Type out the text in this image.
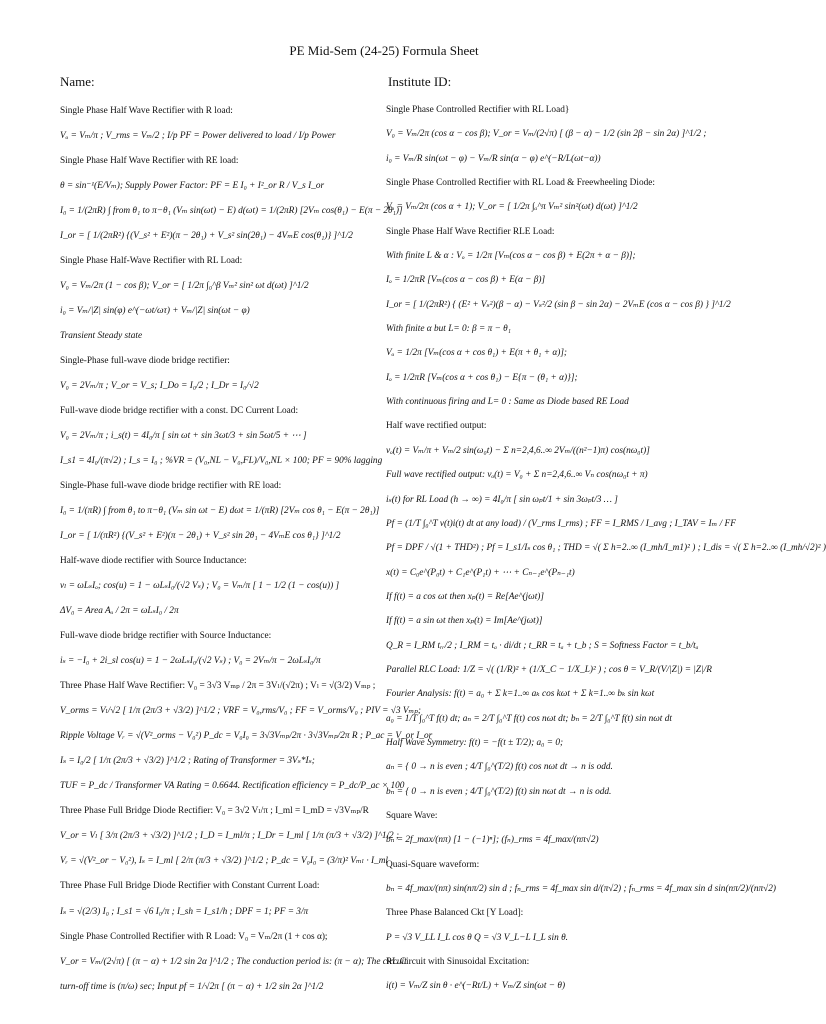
PE Mid-Sem (24-25) Formula Sheet
Name:	Institute ID:
Single Phase Half Wave Rectifier with R load:
Vₒ = Vₘ/π ; V_rms = Vₘ/2 ; I/p PF = Power delivered to load / I/p Power
Single Phase Half Wave Rectifier with RE load:
θ = sin⁻¹(E/Vₘ); Supply Power Factor: PF = E I₀ + I²_or R / V_s I_or
I₀ = 1/(2πR) ∫ from θ₁ to π−θ₁ (Vₘ sin(ωt) − E) d(ωt) = 1/(2πR) [2Vₘ cos(θ₁) − E(π − 2θ₁)]
I_or = [ 1/(2πR²) {(V_s² + E²)(π − 2θ₁) + V_s² sin(2θ₁) − 4VₘE cos(θ₁)} ]^1/2
Single Phase Half-Wave Rectifier with RL Load:
V₀ = Vₘ/2π (1 − cos β); V_or = [ 1/2π ∫₀^β Vₘ² sin² ωt d(ωt) ]^1/2
i₀ = Vₘ/|Z| sin(φ) e^(−ωt/ωτ) + Vₘ/|Z| sin(ωt − φ)
Transient Steady state
Single-Phase full-wave diode bridge rectifier:
V₀ = 2Vₘ/π ; V_or = V_s; I_Do = I₀/2 ; I_Dr = I₀/√2
Full-wave diode bridge rectifier with a const. DC Current Load:
V₀ = 2Vₘ/π ; i_s(t) = 4I₀/π [ sin ωt + sin 3ωt/3 + sin 5ωt/5 + ⋯ ]
I_s1 = 4I₀/(π√2) ; I_s = I₀ ; %VR = (V₀,NL − V₀,FL)/V₀,NL × 100; PF = 90% lagging
Single-Phase full-wave diode bridge rectifier with RE load:
I₀ = 1/(πR) ∫ from θ₁ to π−θ₁ (Vₘ sin ωt − E) dωt = 1/(πR) [2Vₘ cos θ₁ − E(π − 2θ₁)]
I_or = [ 1/(πR²) {(V_s² + E²)(π − 2θ₁) + V_s² sin 2θ₁ − 4VₘE cos θ₁} ]^1/2
Half-wave diode rectifier with Source Inductance:
vₗ = ωLₛIₒ; cos(u) = 1 − ωLₛI₀/(√2 Vₛ) ; V₀ = Vₘ/π [ 1 − 1/2 (1 − cos(u)) ]
ΔV₀ = Area Aᵤ / 2π = ωLₛI₀ / 2π
Full-wave diode bridge rectifier with Source Inductance:
iₛ = −I₀ + 2i_sl cos(u) = 1 − 2ωLₛI₀/(√2 Vₛ) ; V₀ = 2Vₘ/π − 2ωLₛI₀/π
Three Phase Half Wave Rectifier: V₀ = 3√3 Vₘₚ / 2π = 3Vₗ/(√2π) ; Vₗ = √(3/2) Vₘₚ ;
V_orms = Vₗ/√2 [ 1/π (2π/3 + √3/2) ]^1/2 ; VRF = V₀,rms/V₀ ; FF = V_orms/V₀ ; PIV = √3 Vₘₚ;
Ripple Voltage Vᵣ = √(V²_orms − V₀²) P_dc = V₀I₀ = 3√3Vₘₚ/2π · 3√3Vₘₚ/2π R ; P_ac = V_or I_or
Iₛ = I₀/2 [ 1/π (2π/3 + √3/2) ]^1/2 ; Rating of Transformer = 3Vₛ*Iₛ;
TUF = P_dc / Transformer VA Rating = 0.6644. Rectification efficiency = P_dc/P_ac × 100
Three Phase Full Bridge Diode Rectifier: V₀ = 3√2 Vₗ/π ; I_ml = I_mD = √3Vₘₚ/R
V_or = Vₗ [ 3/π (2π/3 + √3/2) ]^1/2 ; I_D = I_ml/π ; I_Dr = I_ml [ 1/π (π/3 + √3/2) ]^1/2 ;
Vᵣ = √(V²_or − V₀²), Iₛ = I_ml [ 2/π (π/3 + √3/2) ]^1/2 ; P_dc = V₀I₀ = (3/π)² Vₘₗ · I_ml
Three Phase Full Bridge Diode Rectifier with Constant Current Load:
Iₛ = √(2/3) I₀ ; I_s1 = √6 I₀/π ; I_sh = I_s1/h ; DPF = 1; PF = 3/π
Single Phase Controlled Rectifier with R Load: V₀ = Vₘ/2π (1 + cos α);
V_or = Vₘ/(2√π) [ (π − α) + 1/2 sin 2α ]^1/2 ; The conduction period is: (π − α); The circuit
turn-off time is (π/ω) sec; Input pf = 1/√2π [ (π − α) + 1/2 sin 2α ]^1/2
Single Phase Controlled Rectifier with RL Load}
V₀ = Vₘ/2π (cos α − cos β); V_or = Vₘ/(2√π) [ (β − α) − 1/2 (sin 2β − sin 2α) ]^1/2 ;
i₀ = Vₘ/R sin(ωt − φ) − Vₘ/R sin(α − φ) e^(−R/L(ωt−α))
Single Phase Controlled Rectifier with RL Load & Freewheeling Diode:
Vₒ = Vₘ/2π (cos α + 1); V_or = [ 1/2π ∫ₐ^π Vₘ² sin²(ωt) d(ωt) ]^1/2
Single Phase Half Wave Rectifier RLE Load:
With finite L & α : Vₒ = 1/2π [Vₘ(cos α − cos β) + E(2π + α − β)];
Iₒ = 1/2πR [Vₘ(cos α − cos β) + E(α − β)]
I_or = [ 1/(2πR²) { (E² + Vₛ²)(β − α) − Vₛ²/2 (sin β − sin 2α) − 2VₘE (cos α − cos β) } ]^1/2
With finite α but L= 0: β = π − θ₁
Vₒ = 1/2π [Vₘ(cos α + cos θ₁) + E(π + θ₁ + α)];
Iₒ = 1/2πR [Vₘ(cos α + cos θ₁) − E{π − (θ₁ + α)}];
With continuous firing and L= 0 : Same as Diode based RE Load
Half wave rectified output:
vₒ(t) = Vₘ/π + Vₘ/2 sin(ω₀t) − Σ n=2,4,6..∞ 2Vₘ/((n²−1)π) cos(nω₀t)]
Full wave rectified output: vₒ(t) = V₀ + Σ n=2,4,6..∞ Vₙ cos(nω₀t + π)
iₛ(t) for RL Load (h → ∞) = 4I₀/π [ sin ωₚt/1 + sin 3ωₚt/3 … ]
Pf = (1/T ∫₀^T v(t)i(t) dt at any load) / (V_rms I_rms) ; FF = I_RMS / I_avg ; I_TAV = Iₘ / FF
Pf = DPF / √(1 + THD²) ; Pf = I_s1/Iₛ cos θ₁ ; THD = √( Σ h=2..∞ (I_mh/I_m1)² ) ; I_dis = √( Σ h=2..∞ (I_mh/√2)² )
x(t) = C₀e^(P₀t) + C₁e^(P₁t) + ⋯ + Cₙ₋₁e^(Pₙ₋₁t)
If f(t) = a cos ωt then xₚ(t) = Re[Ae^(jωt)]
If f(t) = a sin ωt then xₚ(t) = Im[Ae^(jωt)]
Q_R = I_RM tᵣᵣ/2 ; I_RM = tₐ · di/dt ; t_RR = tₐ + t_b ; S = Softness Factor = t_b/tₐ
Parallel RLC Load: 1/Z = √( (1/R)² + (1/X_C − 1/X_L)² ) ; cos θ = V_R/(V/|Z|) = |Z|/R
Fourier Analysis: f(t) = a₀ + Σ k=1..∞ aₖ cos kωt + Σ k=1..∞ bₖ sin kωt
a₀ = 1/T ∫₀^T f(t) dt; aₙ = 2/T ∫₀^T f(t) cos nωt dt; bₙ = 2/T ∫₀^T f(t) sin nωt dt
Half Wave Symmetry: f(t) = −f(t ± T/2); a₀ = 0;
aₙ = { 0 → n is even ; 4/T ∫₀^(T/2) f(t) cos nωt dt → n is odd.
bₙ = { 0 → n is even ; 4/T ∫₀^(T/2) f(t) sin nωt dt → n is odd.
Square Wave:
bₙ = 2f_max/(nπ) [1 − (−1)ⁿ]; (fₙ)_rms = 4f_max/(nπ√2)
Quasi-Square waveform:
bₙ = 4f_max/(nπ) sin(nπ/2) sin d ; fₙ_rms = 4f_max sin d/(π√2) ; fₙ_rms = 4f_max sin d sin(nπ/2)/(nπ√2)
Three Phase Balanced Ckt [Y Load]:
P = √3 V_LL I_L cos θ Q = √3 V_L−L I_L sin θ.
RL Circuit with Sinusoidal Excitation:
i(t) = Vₘ/Z sin θ · e^(−Rt/L) + Vₘ/Z sin(ωt − θ)
